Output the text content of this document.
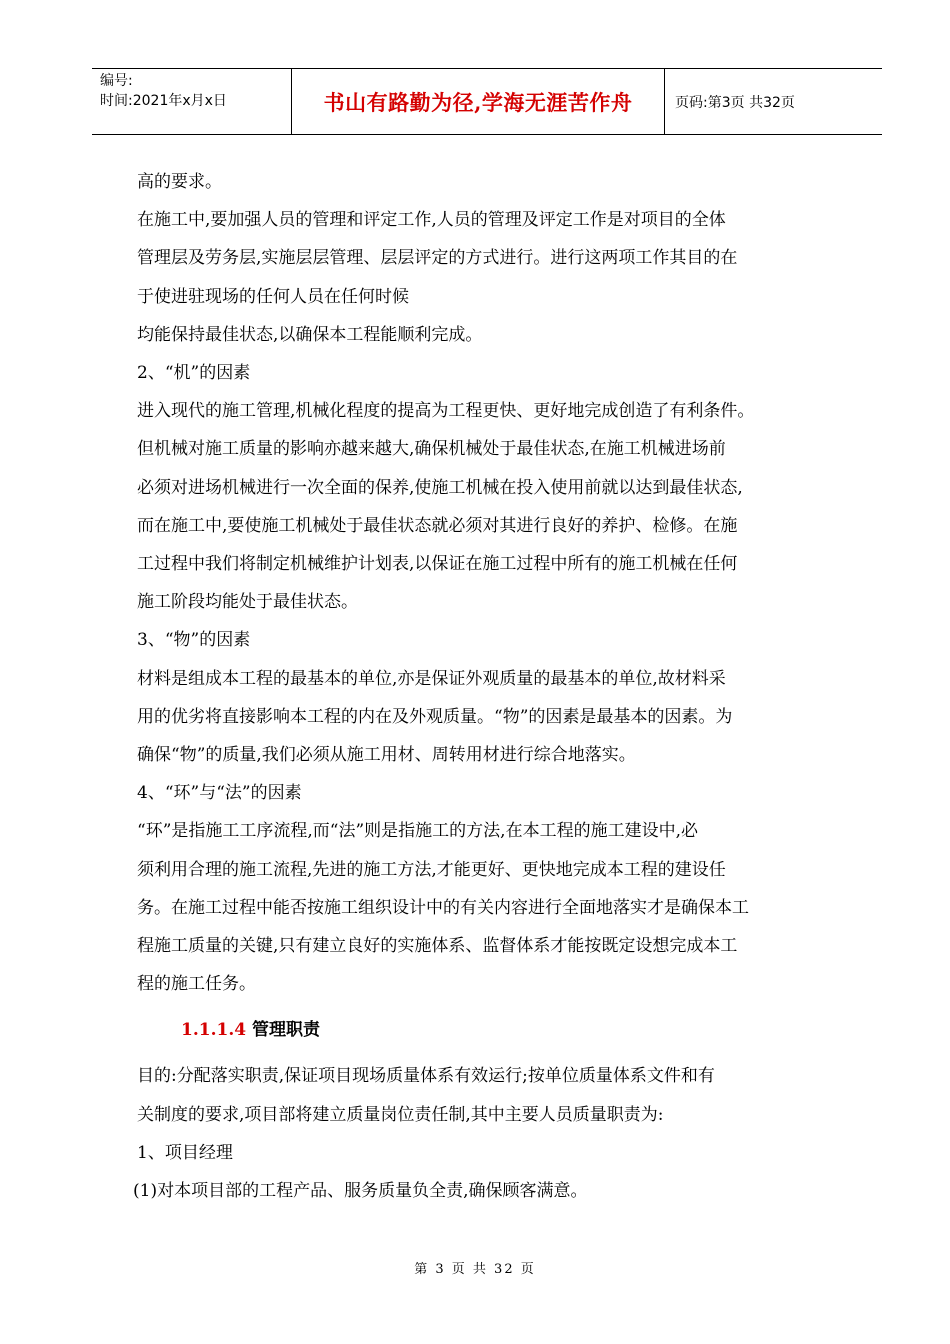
编号:
时间:2021年x月x日	书山有路勤为径,学海无涯苦作舟	页码:第3页 共32页

高的要求。

在施工中,要加强人员的管理和评定工作,人员的管理及评定工作是对项目的全体

管理层及劳务层,实施层层管理、层层评定的方式进行。进行这两项工作其目的在

于使进驻现场的任何人员在任何时候

均能保持最佳状态,以确保本工程能顺利完成。

2、“机”的因素

进入现代的施工管理,机械化程度的提高为工程更快、更好地完成创造了有利条件。

但机械对施工质量的影响亦越来越大,确保机械处于最佳状态,在施工机械进场前

必须对进场机械进行一次全面的保养,使施工机械在投入使用前就以达到最佳状态,

而在施工中,要使施工机械处于最佳状态就必须对其进行良好的养护、检修。在施

工过程中我们将制定机械维护计划表,以保证在施工过程中所有的施工机械在任何

施工阶段均能处于最佳状态。

3、“物”的因素

材料是组成本工程的最基本的单位,亦是保证外观质量的最基本的单位,故材料采

用的优劣将直接影响本工程的内在及外观质量。“物”的因素是最基本的因素。为

确保“物”的质量,我们必须从施工用材、周转用材进行综合地落实。

4、“环”与“法”的因素

“环”是指施工工序流程,而“法”则是指施工的方法,在本工程的施工建设中,必

须利用合理的施工流程,先进的施工方法,才能更好、更快地完成本工程的建设任

务。在施工过程中能否按施工组织设计中的有关内容进行全面地落实才是确保本工

程施工质量的关键,只有建立良好的实施体系、监督体系才能按既定设想完成本工

程的施工任务。

1.1.1.4 管理职责

目的:分配落实职责,保证项目现场质量体系有效运行;按单位质量体系文件和有

关制度的要求,项目部将建立质量岗位责任制,其中主要人员质量职责为:

1、项目经理

(1)对本项目部的工程产品、服务质量负全责,确保顾客满意。

第 3 页 共 32 页
